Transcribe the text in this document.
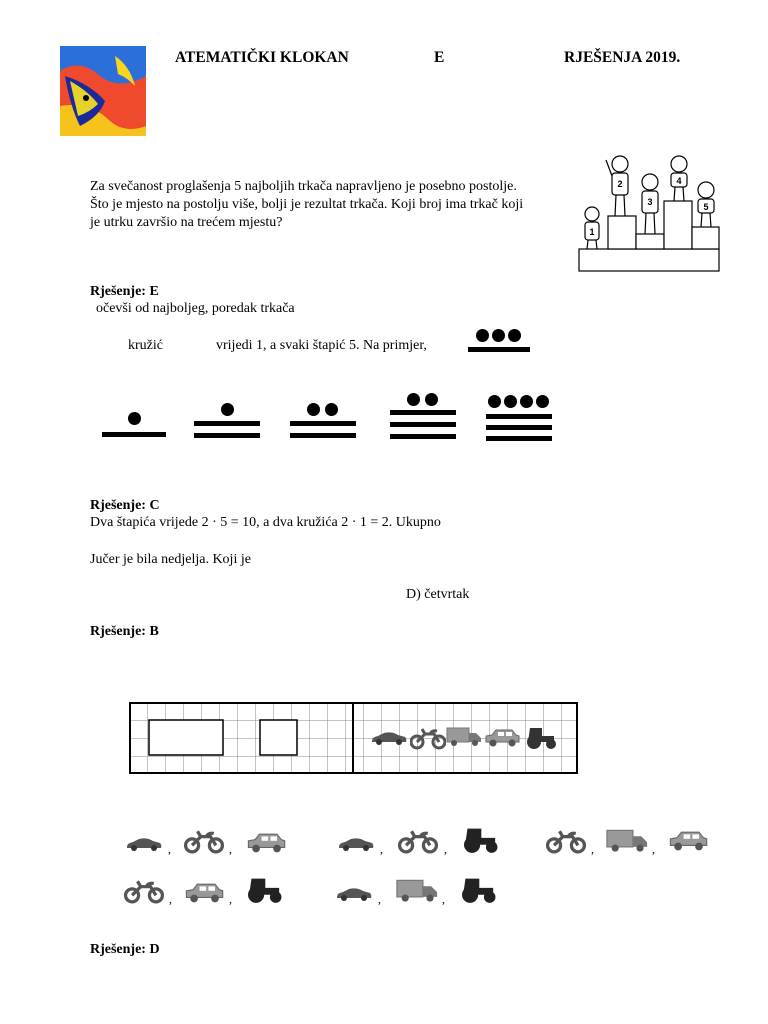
ATEMATIČKI KLOKAN	E	RJEŠENJA 2019.
Za svečanost proglašenja 5 najboljih trkača napravljeno je posebno postolje.
Što je mjesto na postolju više, bolji je rezultat trkača. Koji broj ima trkač koji
je utrku završio na trećem mjestu?
1
2
3
4
5
Rješenje: E
očevši od najboljeg, poredak trkača
kružić	vrijedi 1, a svaki štapić 5. Na primjer,
Rješenje: C
Dva štapića vrijede 2 · 5 = 10, a dva kružića 2 · 1 = 2. Ukupno
Jučer je bila nedjelja. Koji je
D) četvrtak
Rješenje: B
,	,	,	,	,	,
,	,	,	,
Rješenje: D
